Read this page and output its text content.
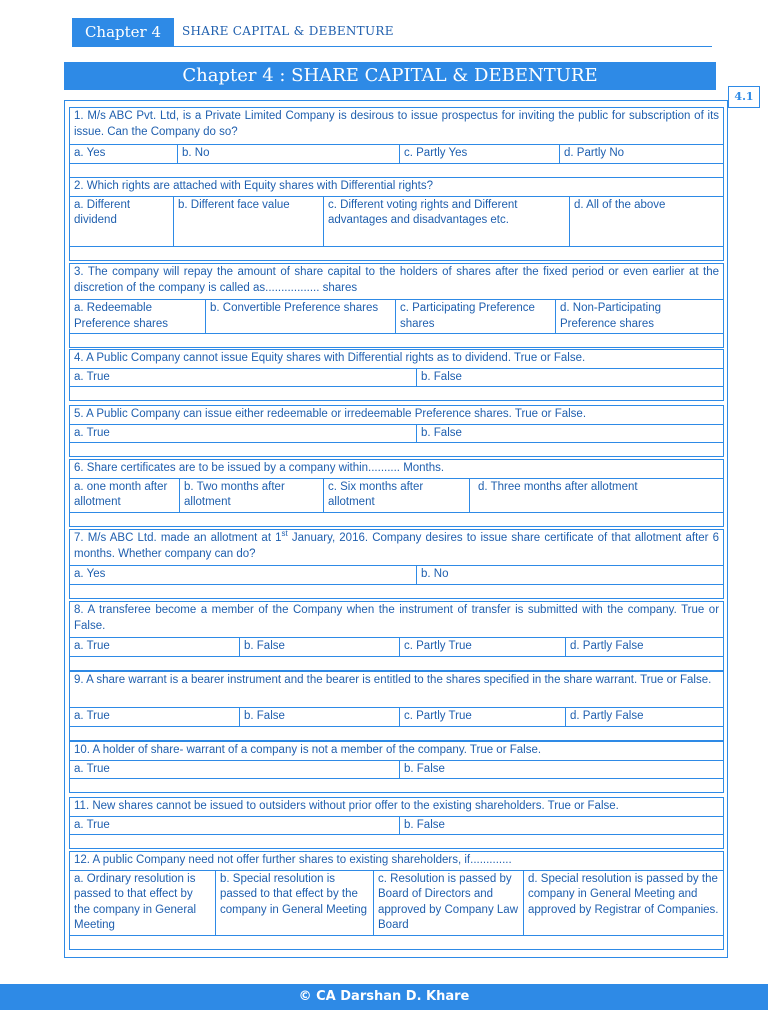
Chapter 4	SHARE CAPITAL & DEBENTURE
Chapter 4 : SHARE CAPITAL & DEBENTURE
4.1
1. M/s ABC Pvt. Ltd, is a Private Limited Company is desirous to issue prospectus for inviting the public for subscription of its issue. Can the Company do so?
a. Yes	b. No	c. Partly Yes	d. Partly No

2. Which rights are attached with Equity shares with Differential rights?
a. Different dividend	b. Different face value	c. Different voting rights and Different advantages and disadvantages etc.	d. All of the above

3. The company will repay the amount of share capital to the holders of shares after the fixed period or even earlier at the discretion of the company is called as................. shares
a. Redeemable Preference shares	b. Convertible Preference shares	c. Participating Preference shares	d. Non-Participating Preference shares

4. A Public Company cannot issue Equity shares with Differential rights as to dividend. True or False.
a. True	b. False

5. A Public Company can issue either redeemable or irredeemable Preference shares. True or False.
a. True	b. False

6. Share certificates are to be issued by a company within.......... Months.
a. one month after allotment	b. Two months after allotment	c. Six months after allotment	d. Three months after allotment

7. M/s ABC Ltd. made an allotment at 1st January, 2016. Company desires to issue share certificate of that allotment after 6 months. Whether company can do?
a. Yes	b. No

8. A transferee become a member of the Company when the instrument of transfer is submitted with the company. True or False.
a. True	b. False	c. Partly True	d. Partly False

9. A share warrant is a bearer instrument and the bearer is entitled to the shares specified in the share warrant. True or False.
a. True	b. False	c. Partly True	d. Partly False

10. A holder of share- warrant of a company is not a member of the company. True or False.
a. True	b. False

11. New shares cannot be issued to outsiders without prior offer to the existing shareholders. True or False.
a. True	b. False

12. A public Company need not offer further shares to existing shareholders, if.............
a. Ordinary resolution is passed to that effect by the company in General Meeting	b. Special resolution is passed to that effect by the company in General Meeting	c. Resolution is passed by Board of Directors and approved by Company Law Board	d. Special resolution is passed by the company in General Meeting and approved by Registrar of Companies.

© CA Darshan D. Khare
